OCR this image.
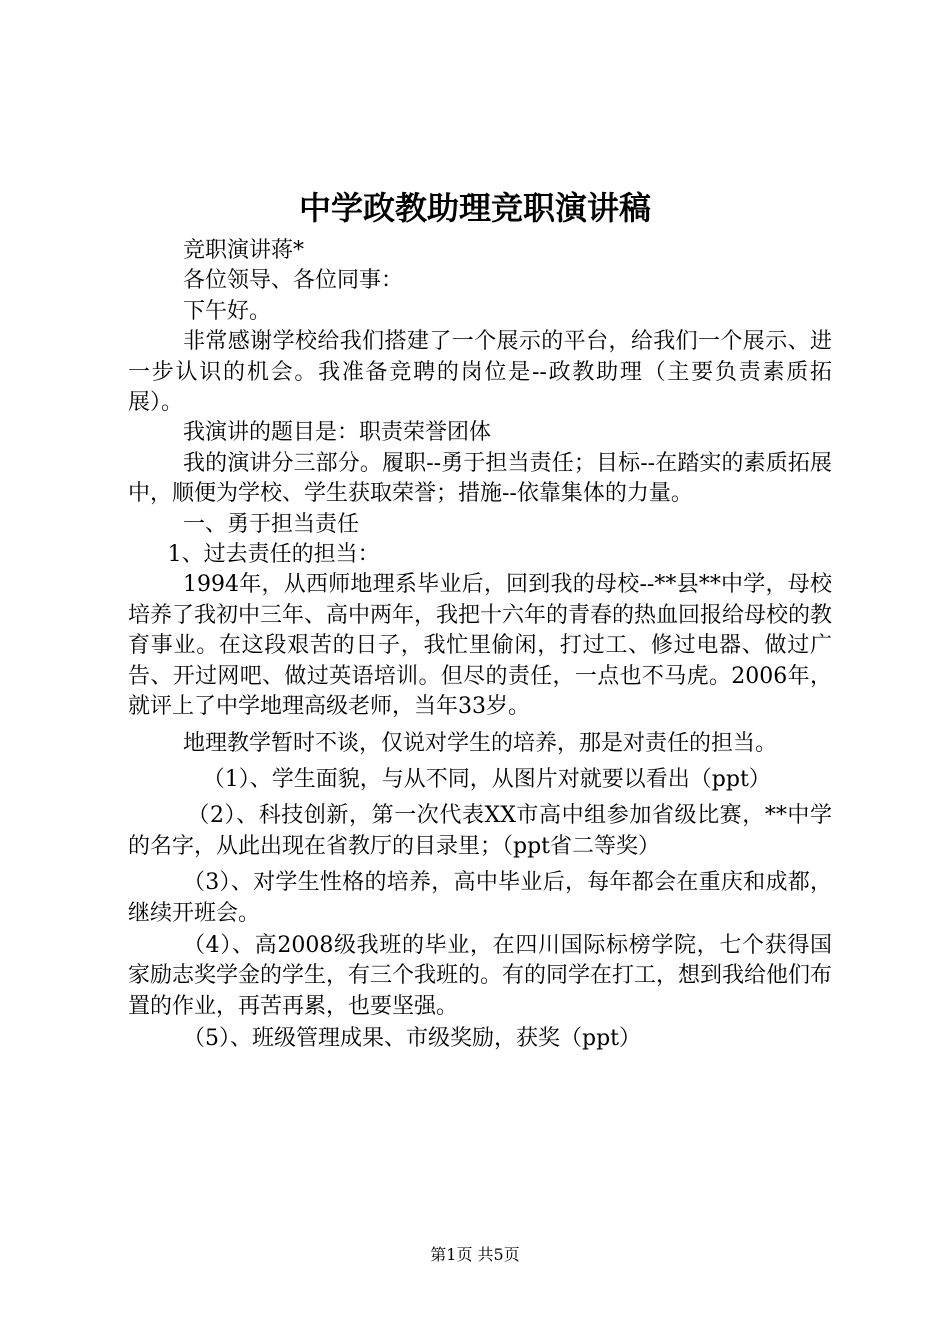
中学政教助理竞职演讲稿

竞职演讲蒋*

各位领导、各位同事：

下午好。

非常感谢学校给我们搭建了一个展示的平台，给我们一个展示、进一步认识的机会。我准备竞聘的岗位是--政教助理（主要负责素质拓展）。

我演讲的题目是：职责荣誉团体

我的演讲分三部分。履职--勇于担当责任；目标--在踏实的素质拓展中，顺便为学校、学生获取荣誉；措施--依靠集体的力量。

一、勇于担当责任

1、过去责任的担当：

1994年，从西师地理系毕业后，回到我的母校--**县**中学，母校培养了我初中三年、高中两年，我把十六年的青春的热血回报给母校的教育事业。在这段艰苦的日子，我忙里偷闲，打过工、修过电器、做过广告、开过网吧、做过英语培训。但尽的责任，一点也不马虎。2006年，就评上了中学地理高级老师，当年33岁。

地理教学暂时不谈，仅说对学生的培养，那是对责任的担当。

（1）、学生面貌，与从不同，从图片对就要以看出（ppt）

（2）、科技创新，第一次代表XX市高中组参加省级比赛，**中学的名字，从此出现在省教厅的目录里；（ppt省二等奖）

（3）、对学生性格的培养，高中毕业后，每年都会在重庆和成都，继续开班会。

（4）、高2008级我班的毕业，在四川国际标榜学院，七个获得国家励志奖学金的学生，有三个我班的。有的同学在打工，想到我给他们布置的作业，再苦再累，也要坚强。

（5）、班级管理成果、市级奖励，获奖（ppt）

第1页 共5页
